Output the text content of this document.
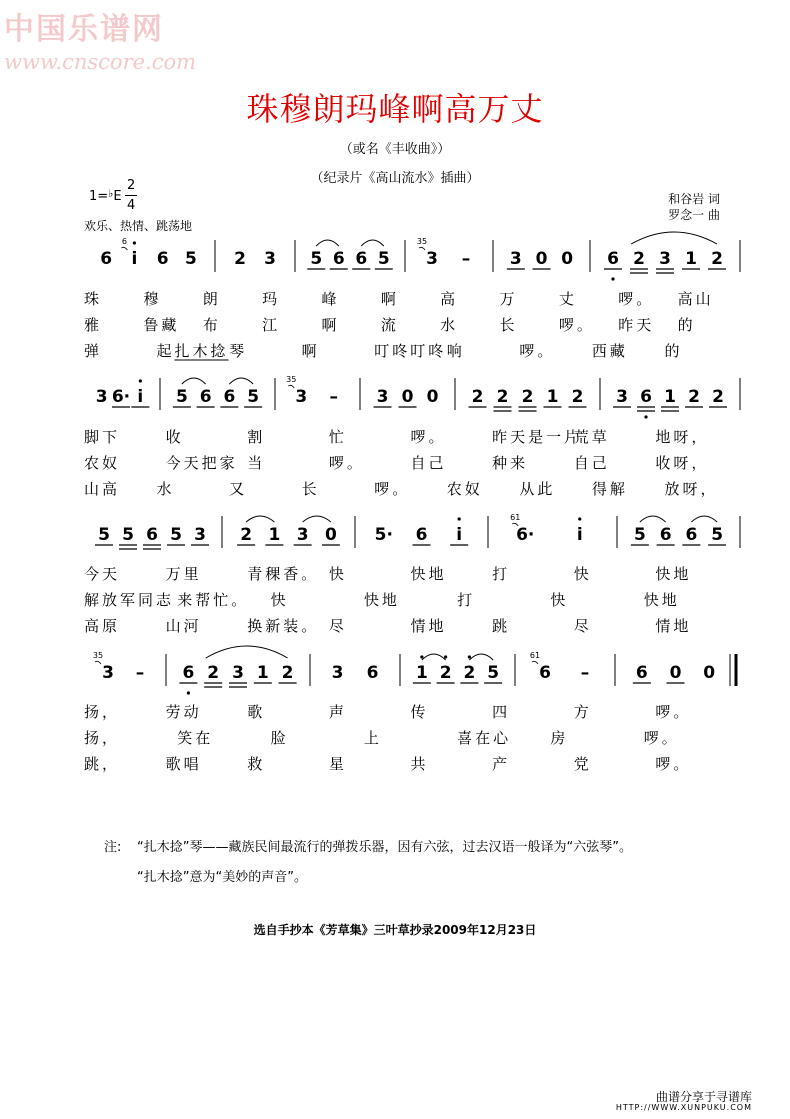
中国乐谱网
www.cnscore.com
珠穆朗玛峰啊高万丈
（或名《丰收曲》）
（纪录片《高山流水》插曲）
1=♭E
2
4
欢乐、热情、跳荡地
和谷岩 词
罗念一 曲
6 i
6
6 5 2 3 5 6 6 5 3
35
– 3 0 0 6 2 3 1 2
珠	穆	朗	玛	峰	啊	高	万	丈	啰。 高山
雅	鲁藏 布	江	啊	流	水	长	啰。 昨天 的
弹	起扎木捻 琴	啊	叮咚叮咚 响	啰。 西藏 的
3 6· i 5 6 6 5 3
35
– 3 0 0 2 2 2 1 2 3 6 1 2 2
脚下	收	割	忙	啰。	昨天是一片
荒草	地呀，
农奴	今天把家 当	啰。	自己	种来	自己	收呀，
山高 水	又	长	啰。 农奴 从此 得解 放呀，
5 5 6 5 3 2 1 3 0 5· 6 i	6·
61
i	5 6 6 5
今天	万里	青稞香。 快	快地	打	快	快地
解放军同志 来帮忙。 快	快地	打	快	快地
高原	山河	换新装。 尽	情地	跳	尽	情地
3
35
– 6 2 3 1 2 3 6 1 2 2 5 6
61
–	6 0 0
扬，	劳动	歌	声	传	四	方	啰。
扬，	笑在	脸	上	喜在心	房	啰。
跳，	歌唱	救	星	共	产	党	啰。
注: “扎木捻”琴——藏族民间最流行的弹拨乐器，因有六弦，过去汉语一般译为“六弦琴”。
“扎木捻”意为“美妙的声音”。
选自手抄本《芳草集》三叶草抄录2009年12月23日
曲谱分享于寻谱库
HTTP://WWW.XUNPUKU.COM
